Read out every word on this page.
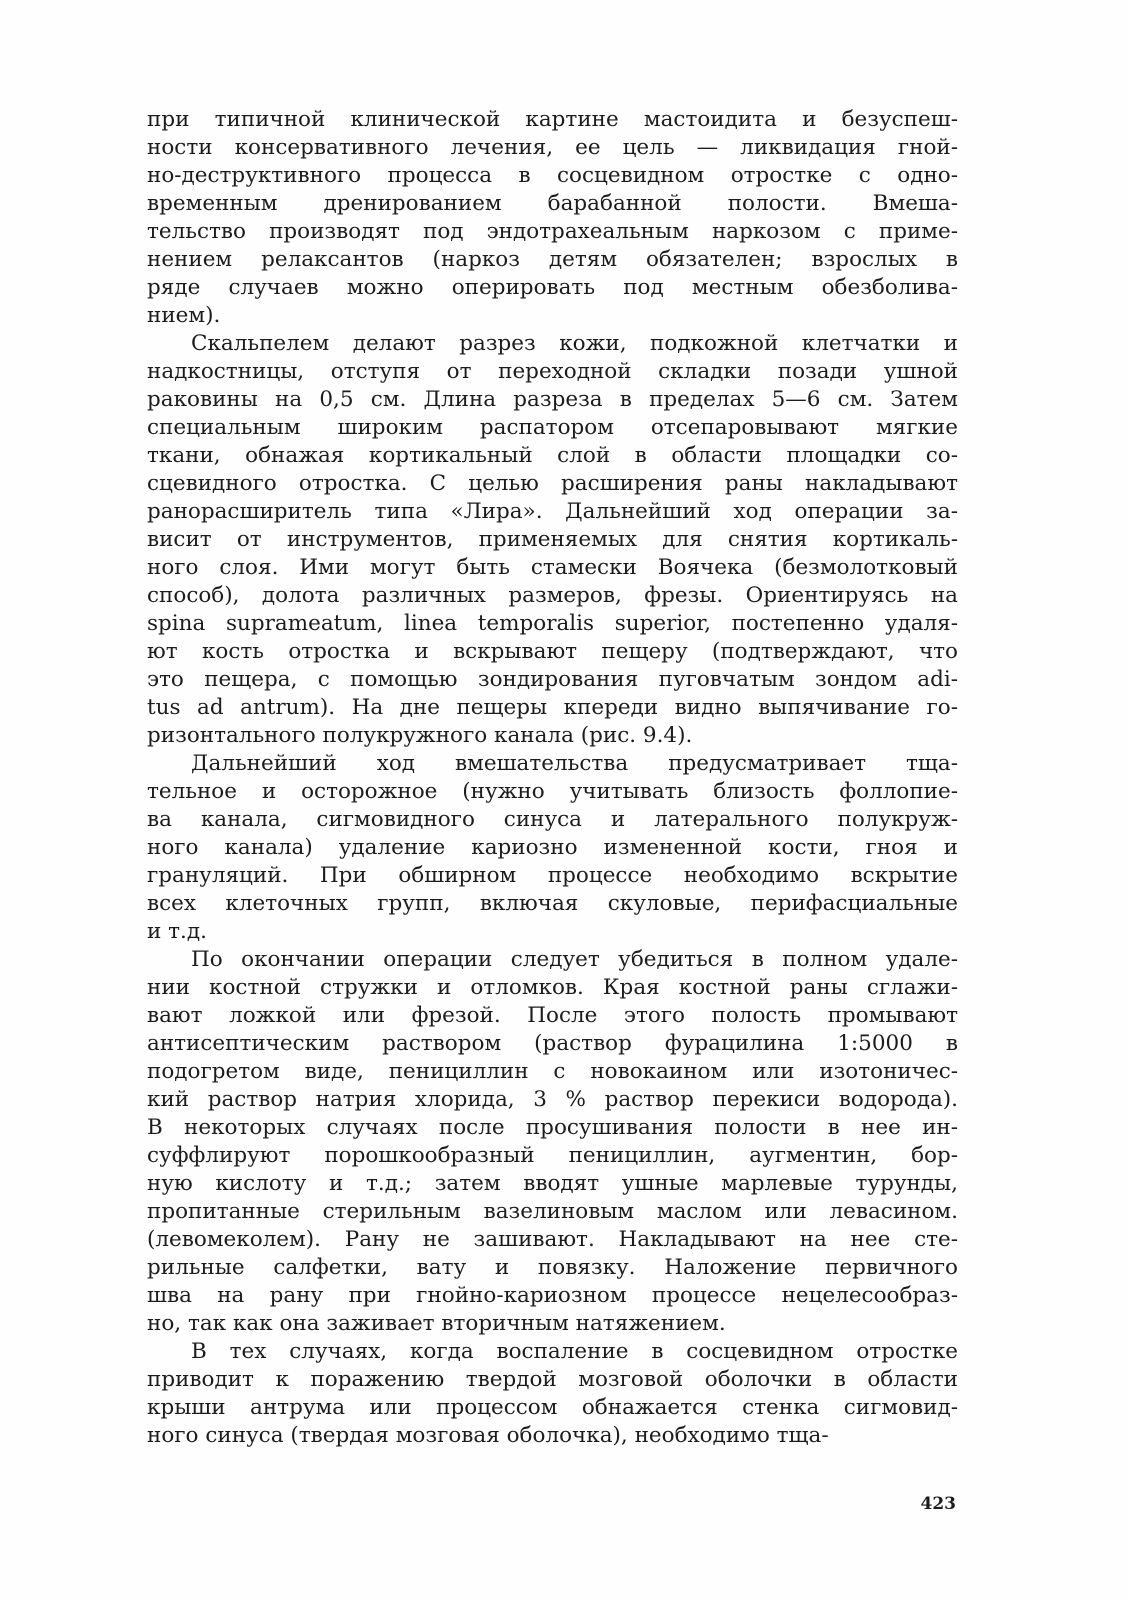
при типичной клинической картине мастоидита и безуспеш-
ности консервативного лечения, ее цель — ликвидация гной-
но-деструктивного процесса в сосцевидном отростке с одно-
временным дренированием барабанной полости. Вмеша-
тельство производят под эндотрахеальным наркозом с приме-
нением релаксантов (наркоз детям обязателен; взрослых в
ряде случаев можно оперировать под местным обезболива-
нием).
Скальпелем делают разрез кожи, подкожной клетчатки и
надкостницы, отступя от переходной складки позади ушной
раковины на 0,5 см. Длина разреза в пределах 5—6 см. Затем
специальным широким распатором отсепаровывают мягкие
ткани, обнажая кортикальный слой в области площадки со-
сцевидного отростка. С целью расширения раны накладывают
ранорасширитель типа «Лира». Дальнейший ход операции за-
висит от инструментов, применяемых для снятия кортикаль-
ного слоя. Ими могут быть стамески Воячека (безмолотковый
способ), долота различных размеров, фрезы. Ориентируясь на
spina suprameatum, linea temporalis superior, постепенно удаля-
ют кость отростка и вскрывают пещеру (подтверждают, что
это пещера, с помощью зондирования пуговчатым зондом adi-
tus ad antrum). На дне пещеры кпереди видно выпячивание го-
ризонтального полукружного канала (рис. 9.4).
Дальнейший ход вмешательства предусматривает тща-
тельное и осторожное (нужно учитывать близость фоллопие-
ва канала, сигмовидного синуса и латерального полукруж-
ного канала) удаление кариозно измененной кости, гноя и
грануляций. При обширном процессе необходимо вскрытие
всех клеточных групп, включая скуловые, перифасциальные
и т.д.
По окончании операции следует убедиться в полном удале-
нии костной стружки и отломков. Края костной раны сглажи-
вают ложкой или фрезой. После этого полость промывают
антисептическим раствором (раствор фурацилина 1:5000 в
подогретом виде, пенициллин с новокаином или изотоничес-
кий раствор натрия хлорида, 3 % раствор перекиси водорода).
В некоторых случаях после просушивания полости в нее ин-
суффлируют порошкообразный пенициллин, аугментин, бор-
ную кислоту и т.д.; затем вводят ушные марлевые турунды,
пропитанные стерильным вазелиновым маслом или левасином.
(левомеколем). Рану не зашивают. Накладывают на нее сте-
рильные салфетки, вату и повязку. Наложение первичного
шва на рану при гнойно-кариозном процессе нецелесообраз-
но, так как она заживает вторичным натяжением.
В тех случаях, когда воспаление в сосцевидном отростке
приводит к поражению твердой мозговой оболочки в области
крыши антрума или процессом обнажается стенка сигмовид-
ного синуса (твердая мозговая оболочка), необходимо тща-
423
